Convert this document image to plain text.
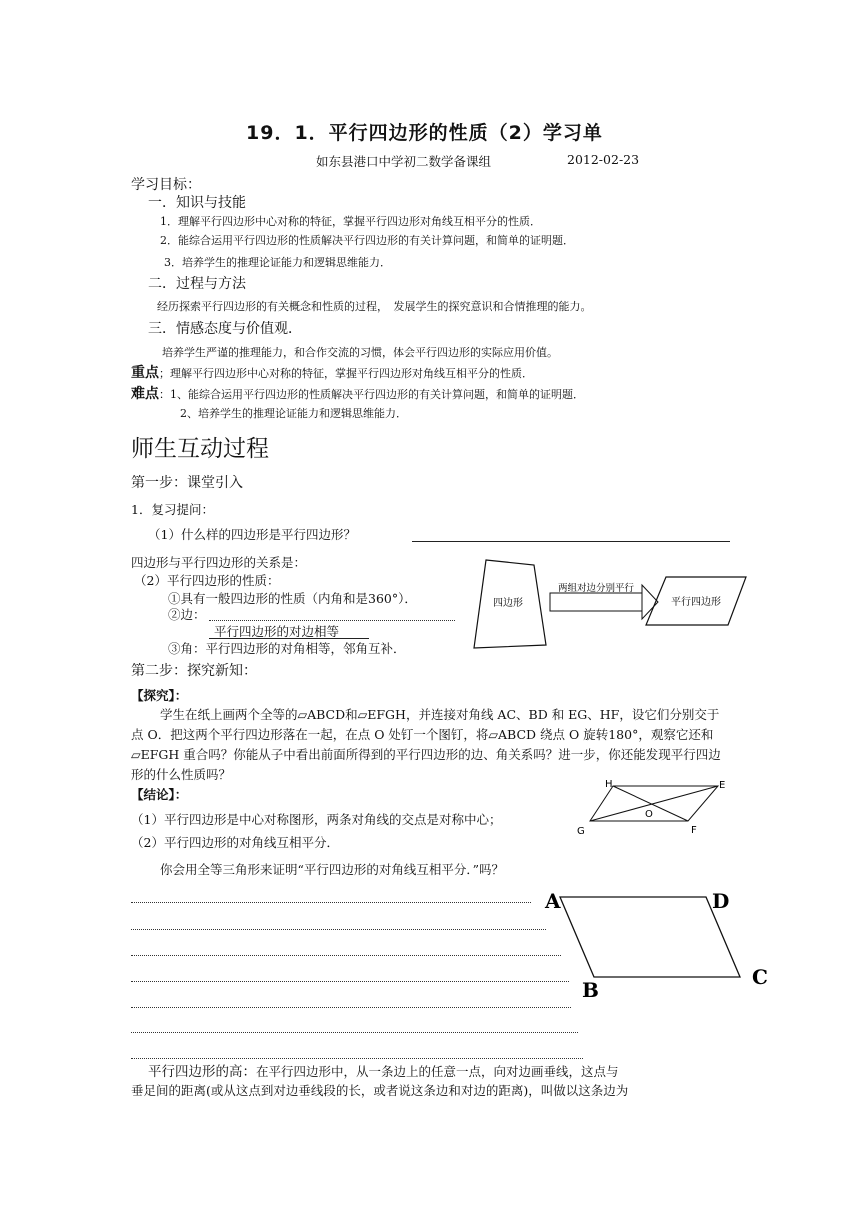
19．1．平行四边形的性质（2）学习单
如东县港口中学初二数学备课组	2012-02-23
学习目标：
一．知识与技能
1．理解平行四边形中心对称的特征，掌握平行四边形对角线互相平分的性质．
2．能综合运用平行四边形的性质解决平行四边形的有关计算问题，和简单的证明题．
3．培养学生的推理论证能力和逻辑思维能力．
二．过程与方法
经历探索平行四边形的有关概念和性质的过程，　发展学生的探究意识和合情推理的能力。
三．情感态度与价值观．
培养学生严谨的推理能力，和合作交流的习惯，体会平行四边形的实际应用价值。
重点；理解平行四边形中心对称的特征，掌握平行四边形对角线互相平分的性质．
难点：1、能综合运用平行四边形的性质解决平行四边形的有关计算问题，和简单的证明题．
2、培养学生的推理论证能力和逻辑思维能力．
师生互动过程
第一步：课堂引入
1．复习提问：
（1）什么样的四边形是平行四边形？
四边形与平行四边形的关系是：
（2）平行四边形的性质：
①具有一般四边形的性质（内角和是360°）．
②边：
平行四边形的对边相等
③角：平行四边形的对角相等，邻角互补．
四边形
两组对边分别平行
平行四边形
第二步：探究新知：
【探究】：
学生在纸上画两个全等的▱ABCD和▱EFGH，并连接对角线 AC、BD 和 EG、HF，设它们分别交于点 O．把这两个平行四边形落在一起，在点 O 处钉一个图钉，将▱ABCD 绕点 O 旋转180°，观察它还和▱EFGH 重合吗？你能从子中看出前面所得到的平行四边形的边、角关系吗？进一步，你还能发现平行四边形的什么性质吗？
【结论】：
H	E
G	F
O
（1）平行四边形是中心对称图形，两条对角线的交点是对称中心；
（2）平行四边形的对角线互相平分．
你会用全等三角形来证明“平行四边形的对角线互相平分．”吗？
A	D
B
C
平行四边形的高：在平行四边形中，从一条边上的任意一点，向对边画垂线，这点与
垂足间的距离(或从这点到对边垂线段的长，或者说这条边和对边的距离)，叫做以这条边为
